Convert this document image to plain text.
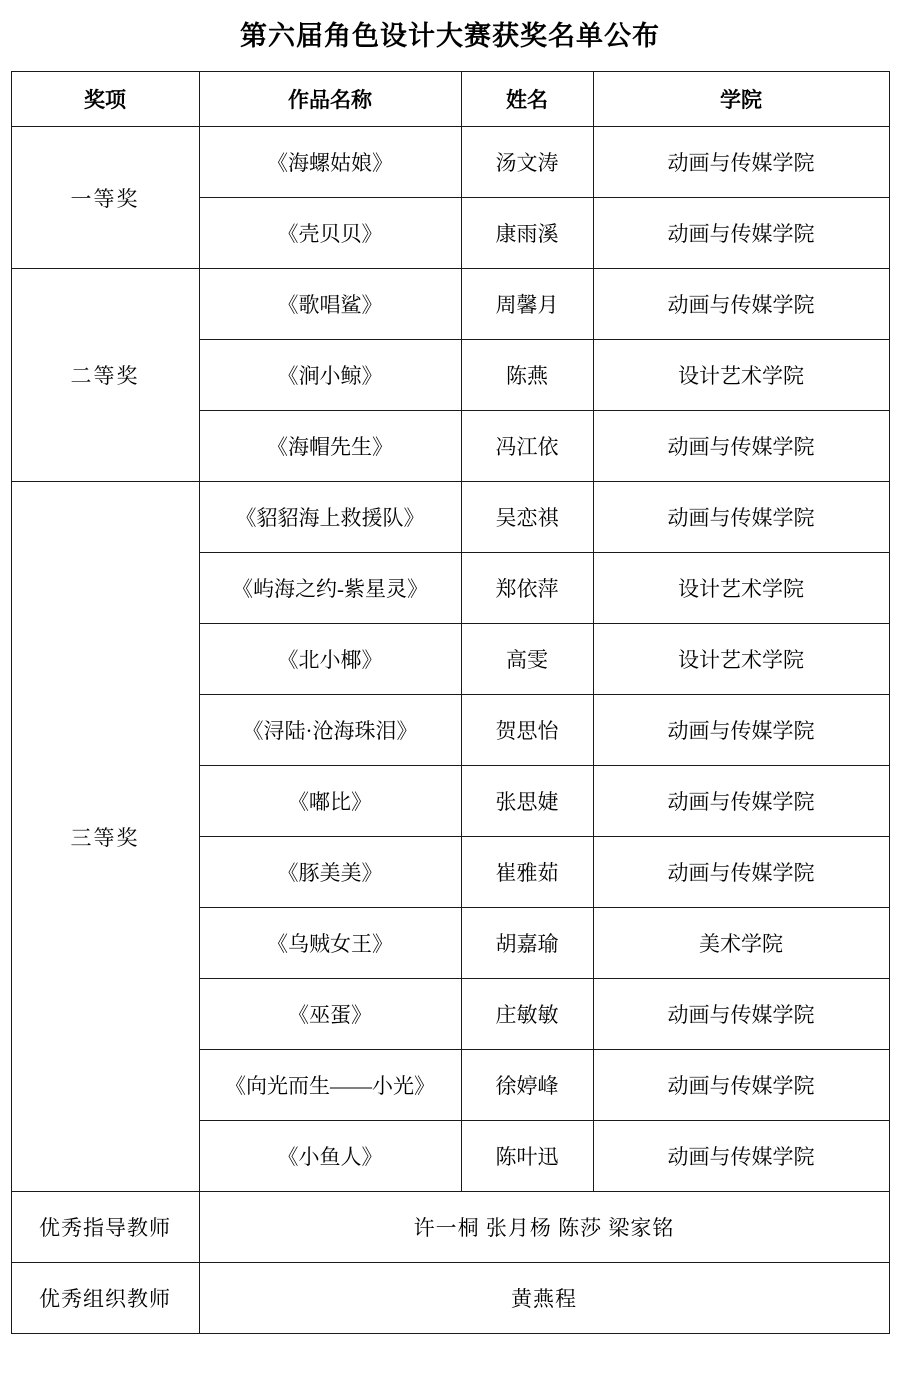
第六届角色设计大赛获奖名单公布
奖项	作品名称	姓名	学院
一等奖	《海螺姑娘》	汤文涛	动画与传媒学院
	《壳贝贝》	康雨溪	动画与传媒学院
二等奖	《歌唱鲨》	周馨月	动画与传媒学院
	《涧小鲸》	陈燕	设计艺术学院
	《海帽先生》	冯江依	动画与传媒学院
三等奖	《貂貂海上救援队》	吴恋祺	动画与传媒学院
	《屿海之约-紫星灵》	郑依萍	设计艺术学院
	《北小椰》	高雯	设计艺术学院
	《浔陆·沧海珠泪》	贺思怡	动画与传媒学院
	《嘟比》	张思婕	动画与传媒学院
	《豚美美》	崔雅茹	动画与传媒学院
	《乌贼女王》	胡嘉瑜	美术学院
	《巫蛋》	庄敏敏	动画与传媒学院
	《向光而生——小光》	徐婷峰	动画与传媒学院
	《小鱼人》	陈叶迅	动画与传媒学院
优秀指导教师	许一桐 张月杨 陈莎 梁家铭		
优秀组织教师	黄燕程		
